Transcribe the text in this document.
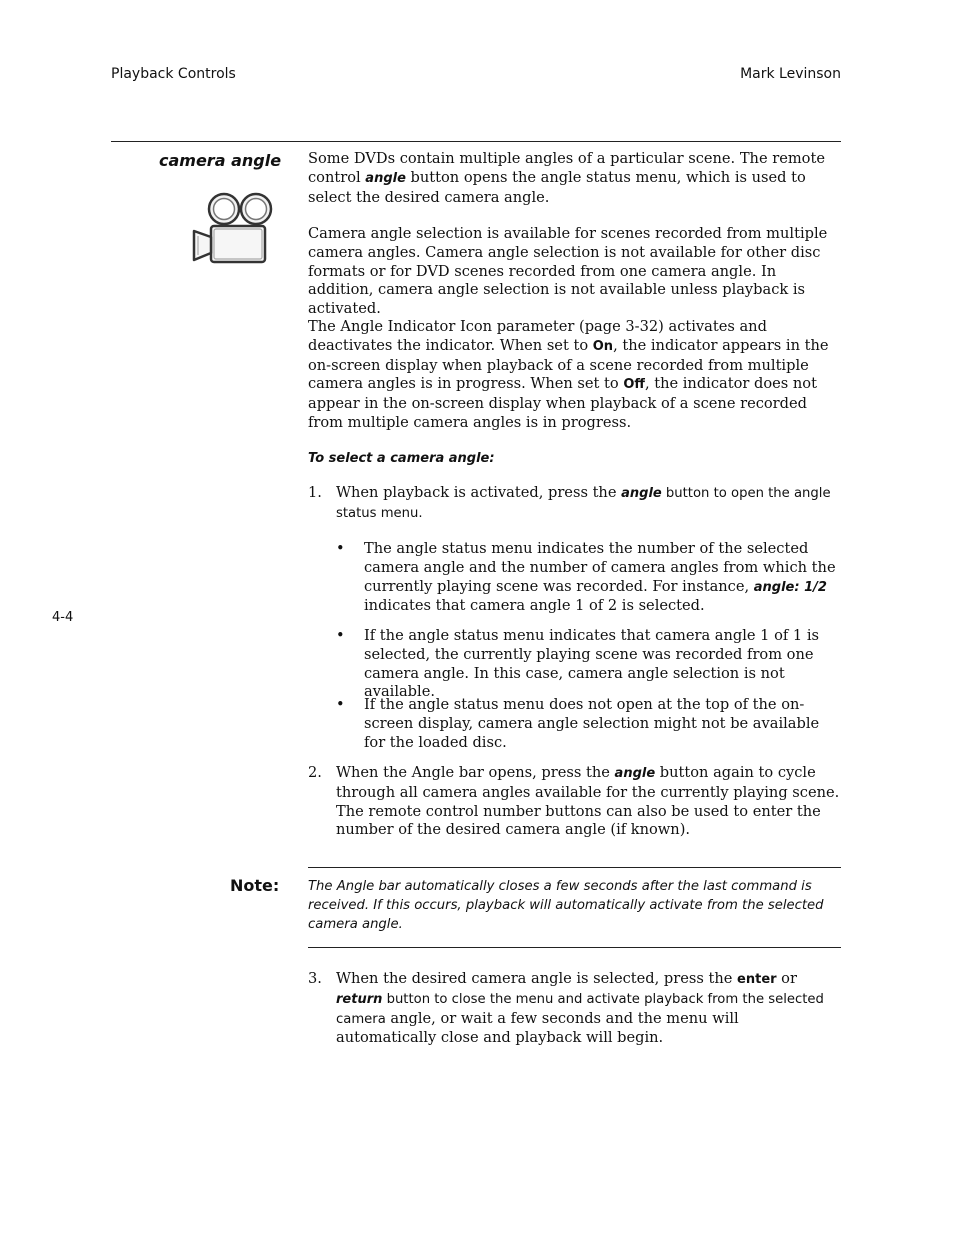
Playback Controls	Mark Levinson
camera angle
4-4

Some DVDs contain multiple angles of a particular scene. The remote control angle button opens the angle status menu, which is used to select the desired camera angle.

Camera angle selection is available for scenes recorded from multiple camera angles. Camera angle selection is not available for other disc formats or for DVD scenes recorded from one camera angle. In addition, camera angle selection is not available unless playback is activated.

The Angle Indicator Icon parameter (page 3-32) activates and deactivates the indicator. When set to On, the indicator appears in the on-screen display when playback of a scene recorded from multiple camera angles is in progress. When set to Off, the indicator does not appear in the on-screen display when playback of a scene recorded from multiple camera angles is in progress.

To select a camera angle:
1. When playback is activated, press the angle button to open the angle status menu.
• The angle status menu indicates the number of the selected camera angle and the number of camera angles from which the currently playing scene was recorded. For instance, angle: 1/2 indicates that camera angle 1 of 2 is selected.
• If the angle status menu indicates that camera angle 1 of 1 is selected, the currently playing scene was recorded from one camera angle. In this case, camera angle selection is not available.
• If the angle status menu does not open at the top of the on-screen display, camera angle selection might not be available for the loaded disc.
2. When the Angle bar opens, press the angle button again to cycle through all camera angles available for the currently playing scene. The remote control number buttons can also be used to enter the number of the desired camera angle (if known).
Note: The Angle bar automatically closes a few seconds after the last command is received. If this occurs, playback will automatically activate from the selected camera angle.
3. When the desired camera angle is selected, press the enter or return button to close the menu and activate playback from the selected camera angle, or wait a few seconds and the menu will automatically close and playback will begin.
